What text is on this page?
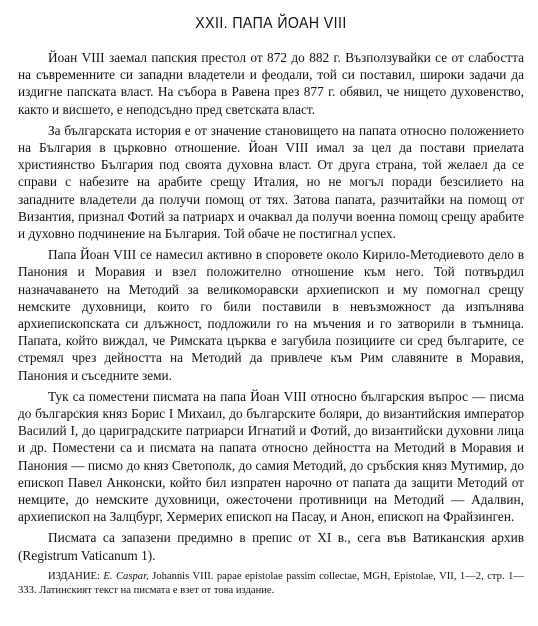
XXII. ПАПА ЙОАН VIII

Йоан VIII заемал папския престол от 872 до 882 г. Възползувайки се от слабостта на съвременните си западни владетели и феодали, той си поставил, широки задачи да издигне папската власт. На събора в Равена през 877 г. обявил, че нището духовенство, както и висшето, е неподсъдно пред светската власт.

За българската история е от значение становището на папата относно положението на България в църковно отношение. Йоан VIII имал за цел да постави приелата християнство България под своята духовна власт. От друга страна, той желаел да се справи с набезите на арабите срещу Италия, но не могъл поради безсилието на западните владетели да получи помощ от тях. Затова папата, разчитайки на помощ от Византия, признал Фотий за патриарх и очаквал да получи военна помощ срещу арабите и духовно подчинение на България. Той обаче не постигнал успех.

Папа Йоан VIII се намесил активно в споровете около Кирило-Методиевото дело в Панония и Моравия и взел положително отношение към него. Той потвърдил назначаването на Методий за великоморавски архиепископ и му помогнал срещу немските духовници, които го били поставили в невъзможност да изпълнява архиепископската си длъжност, подложили го на мъчения и го затворили в тъмница. Папата, който виждал, че Римската църква е загубила позициите си сред българите, се стремял чрез дейността на Методий да привлече към Рим славяните в Моравия, Панония и съседните земи.

Тук са поместени писмата на папа Йоан VIII относно българския въпрос — писма до българския княз Борис I Михаил, до българските боляри, до византийския император Василий I, до цариградските патриарси Игнатий и Фотий, до византийски духовни лица и др. Поместени са и писмата на папата относно дейността на Методий в Моравия и Панония — писмо до княз Светополк, до самия Методий, до сръбския княз Мутимир, до епископ Павел Анконски, който бил изпратен нарочно от папата да защити Методий от немците, до немските духовници, ожесточени противници на Методий — Адалвин, архиепископ на Залцбург, Хермерих епископ на Пасау, и Анон, епископ на Фрайзинген.

Писмата са запазени предимно в препис от XI в., сега във Ватиканския архив (Registrum Vaticanum 1).

ИЗДАНИЕ: E. Caspar, Johannis VIII. papae epistolae passim collectae, MGH, Epistolae, VII, 1—2, стр. 1—333. Латинският текст на писмата е взет от това издание.
